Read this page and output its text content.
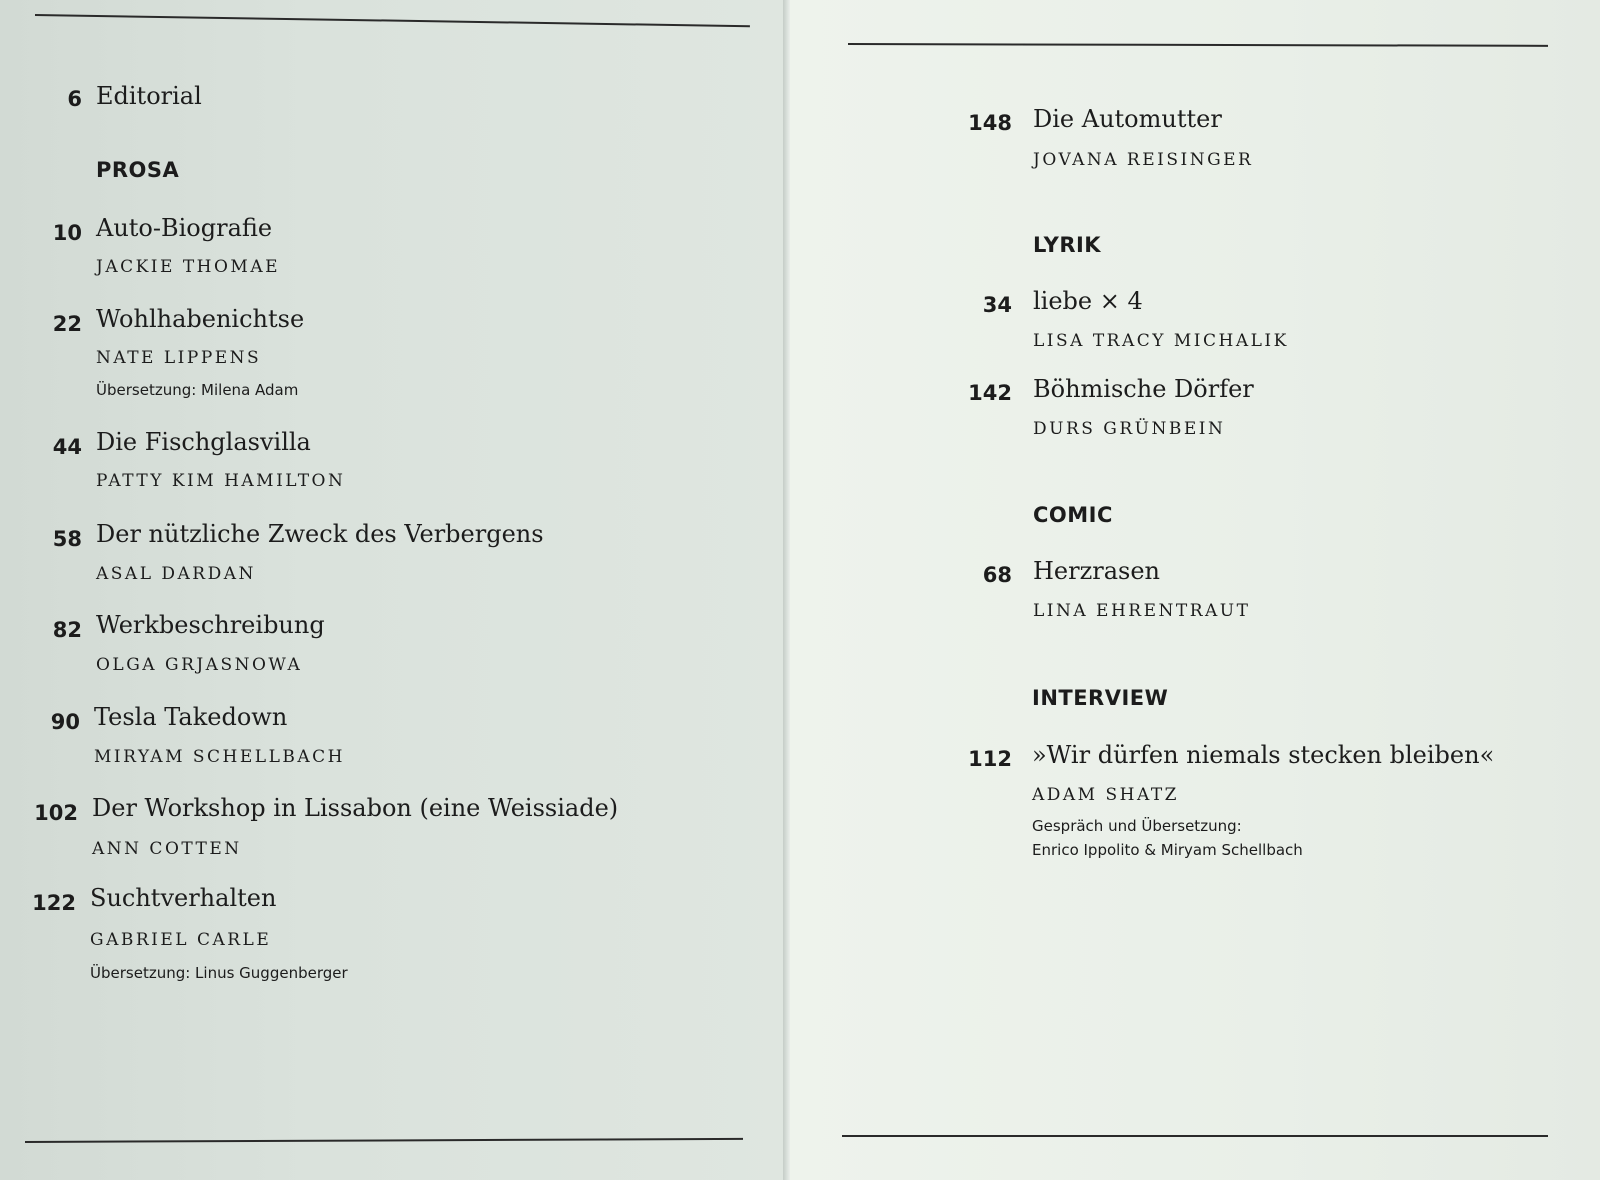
6 Editorial
PROSA
10 Auto-Biografie
JACKIE THOMAE
22 Wohlhabenichtse
NATE LIPPENS
Übersetzung: Milena Adam
44 Die Fischglasvilla
PATTY KIM HAMILTON
58 Der nützliche Zweck des Verbergens
ASAL DARDAN
82 Werkbeschreibung
OLGA GRJASNOWA
90 Tesla Takedown
MIRYAM SCHELLBACH
102 Der Workshop in Lissabon (eine Weissiade)
ANN COTTEN
122 Suchtverhalten
GABRIEL CARLE
Übersetzung: Linus Guggenberger
148 Die Automutter
JOVANA REISINGER
LYRIK
34 liebe × 4
LISA TRACY MICHALIK
142 Böhmische Dörfer
DURS GRÜNBEIN
COMIC
68 Herzrasen
LINA EHRENTRAUT
INTERVIEW
112 »Wir dürfen niemals stecken bleiben«
ADAM SHATZ
Gespräch und Übersetzung:
Enrico Ippolito & Miryam Schellbach
